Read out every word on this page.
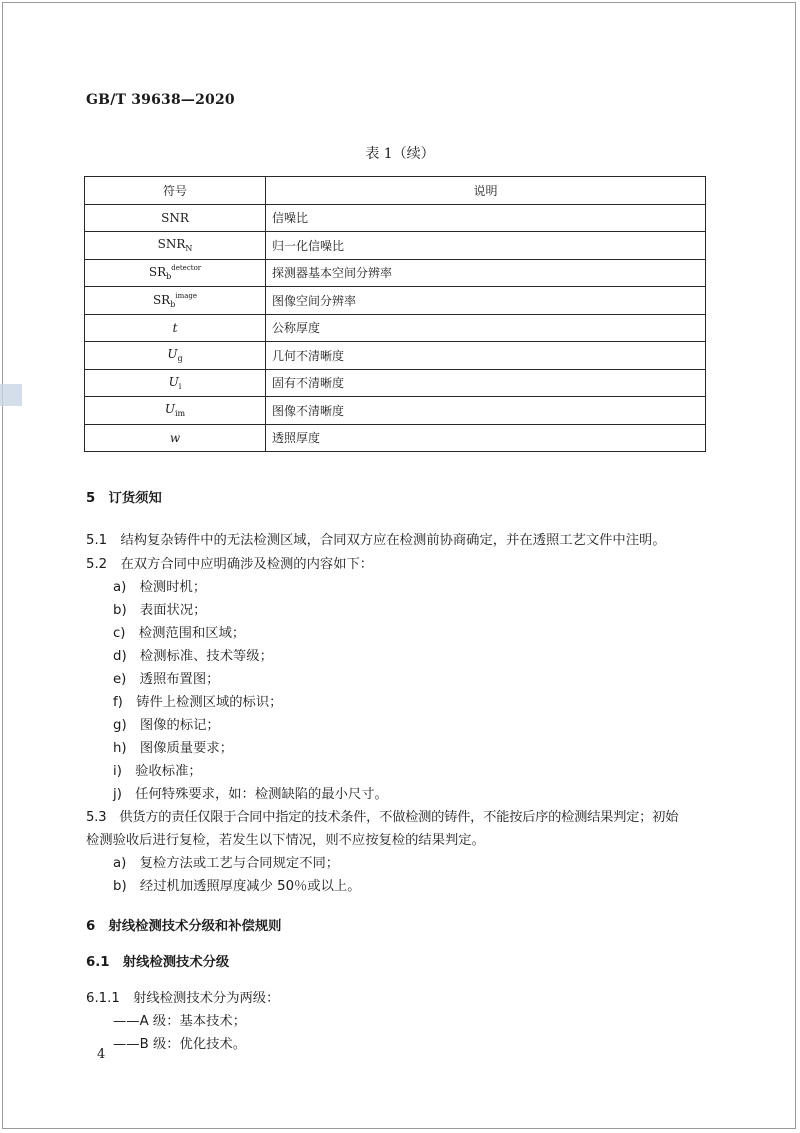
GB/T 39638—2020
表 1（续）
符号	说明
SNR	信噪比
$SNR_N$	归一化信噪比
$SR_b^{detector}$	探测器基本空间分辨率
$SR_b^{image}$	图像空间分辨率
t	公称厚度
$U_g$	几何不清晰度
$U_i$	固有不清晰度
$U_{im}$	图像不清晰度
w	透照厚度
5　订货须知
5.1　结构复杂铸件中的无法检测区域，合同双方应在检测前协商确定，并在透照工艺文件中注明。
5.2　在双方合同中应明确涉及检测的内容如下：
a)　检测时机；
b)　表面状况；
c)　检测范围和区域；
d)　检测标准、技术等级；
e)　透照布置图；
f)　铸件上检测区域的标识；
g)　图像的标记；
h)　图像质量要求；
i)　验收标准；
j)　任何特殊要求，如：检测缺陷的最小尺寸。
5.3　供货方的责任仅限于合同中指定的技术条件，不做检测的铸件，不能按后序的检测结果判定；初始
检测验收后进行复检，若发生以下情况，则不应按复检的结果判定。
a)　复检方法或工艺与合同规定不同；
b)　经过机加透照厚度减少 50％或以上。
6　射线检测技术分级和补偿规则
6.1　射线检测技术分级
6.1.1　射线检测技术分为两级：
——A 级：基本技术；
——B 级：优化技术。
4
